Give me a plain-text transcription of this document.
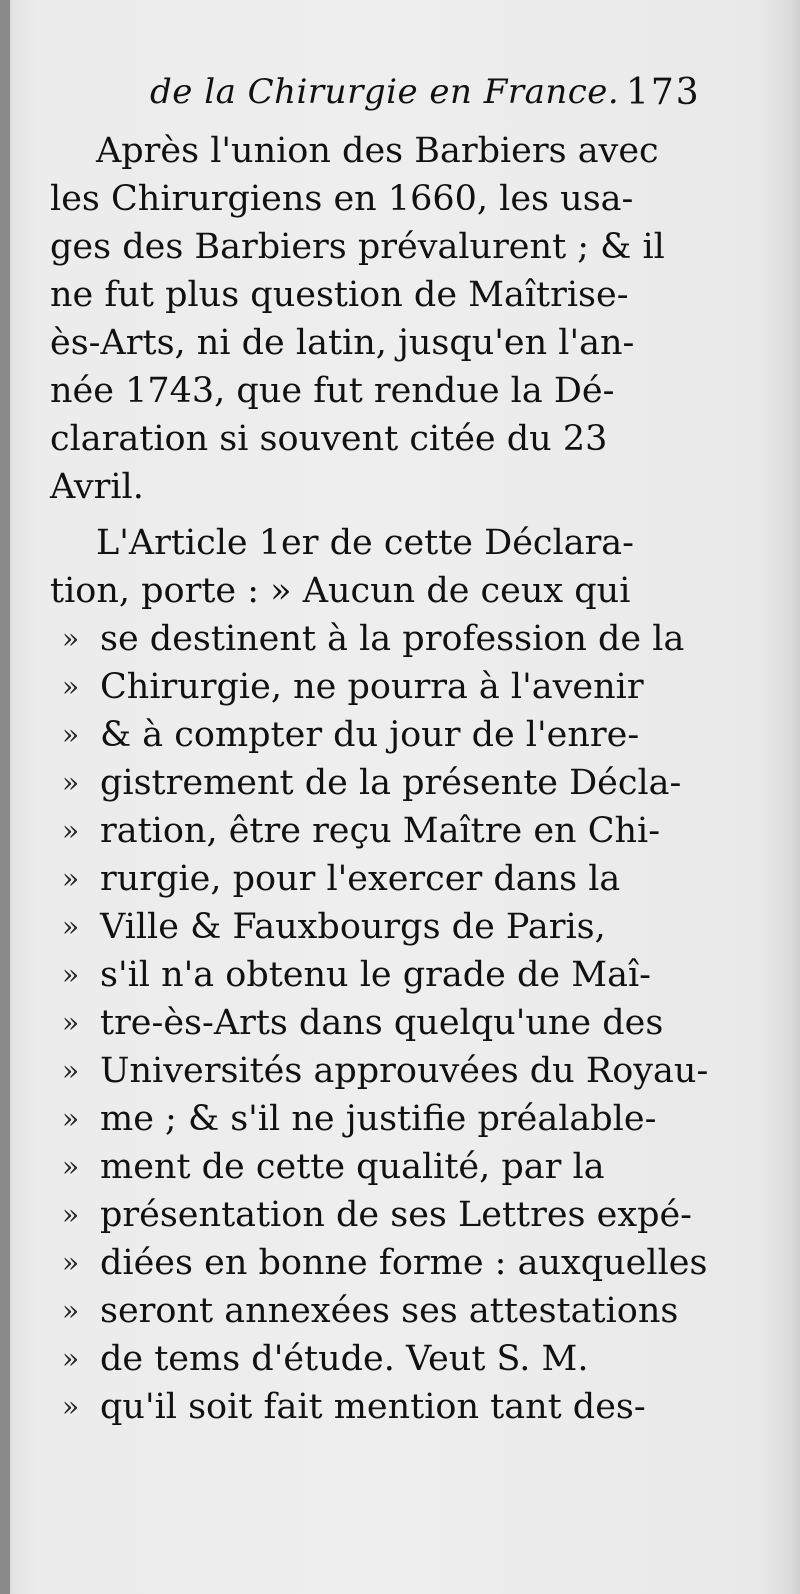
de la Chirurgie en France. 173
Après l'union des Barbiers avec
les Chirurgiens en 1660, les usa-
ges des Barbiers prévalurent ; & il
ne fut plus question de Maîtrise-
ès-Arts, ni de latin, jusqu'en l'an-
née 1743, que fut rendue la Dé-
claration si souvent citée du 23
Avril.
L'Article 1er de cette Déclara-
tion, porte : » Aucun de ceux qui
» se destinent à la profession de la
» Chirurgie, ne pourra à l'avenir
» & à compter du jour de l'enre-
» gistrement de la présente Décla-
» ration, être reçu Maître en Chi-
» rurgie, pour l'exercer dans la
» Ville & Fauxbourgs de Paris,
» s'il n'a obtenu le grade de Maî-
» tre-ès-Arts dans quelqu'une des
» Universités approuvées du Royau-
» me ; & s'il ne justifie préalable-
» ment de cette qualité, par la
» présentation de ses Lettres expé-
» diées en bonne forme : auxquelles
» seront annexées ses attestations
» de tems d'étude. Veut S. M.
» qu'il soit fait mention tant des-
